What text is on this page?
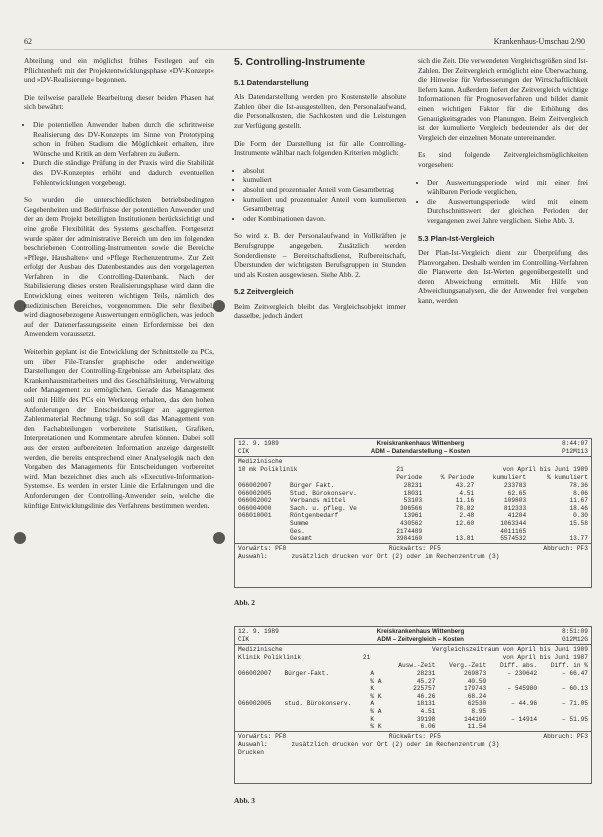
62	Krankenhaus-Umschau 2/90

Abteilung und ein möglichst frühes Festlegen auf ein Pflichtenheft mit der Projektentwicklungsphase »DV-Konzept« und »DV-Realisierung« begonnen.

Die teilweise parallele Bearbeitung dieser beiden Phasen hat sich bewährt:

• Die potentiellen Anwender haben durch die schrittweise Realisierung des DV-Konzepts im Sinne von Prototyping schon in frühen Stadium die Möglichkeit erhalten, ihre Wünsche und Kritik an dem Verfahren zu äußern.
• Durch die ständige Prüfung in der Praxis wird die Stabilität des DV-Konzeptes erhöht und dadurch eventuellen Fehlentwicklungen vorgebeugt.

So wurden die unterschiedlichsten betriebsbedingten Gegebenheiten und Bedürfnisse der potentiellen Anwender und der an dem Projekt beteiligten Institutionen berücksichtigt und eine große Flexibilität des Systems geschaffen. Fortgesetzt wurde später der administrative Bereich um den im folgenden beschriebenen Controlling-Instrumenten sowie die Bereiche »Pflege, Haushalten« und »Pflege Rechenzentrum«. Zur Zeit erfolgt der Ausbau des Datenbestandes aus den vorgelagerten Verfahren in die Controlling-Datenbank. Nach der Stabilisierung dieses ersten Realisierungsphase wird dann die Entwicklung eines weiteren wichtigen Teils, nämlich des medizinischen Bereiches, vorgenommen. Die sehr flexibel, wird diagnosebezogene Auswertungen ermöglichen, was jedoch auf der Datenerfassungsseite einen Erfordernisse bei den Anwendern voraussetzt.

Weiterhin geplant ist die Entwicklung der Schnittstelle zu PCs, um über File-Transfer graphische oder anderweitige Darstellungen der Controlling-Ergebnisse am Arbeitsplatz des Krankenhausmitarbeiters und des Geschäftsleitung, Verwaltung oder Management zu ermöglichen. Gerade das Management soll mit Hilfe des PCs ein Werkzeug erhalten, das den hohen Anforderungen der Entscheidungsträger an aggregierten Zahlenmaterial Rechnung trägt. So soll das Management von den Fachabteilungen vorbereitete Statistiken, Grafiken, Interpretationen und Kommentare abrufen können. Dabei soll aus der ersten aufbereiteten Information anzeige dargestellt werden, die bereits entsprechend einer Analyselogik nach den Vorgaben des Managements für Entscheidungen vorbereitet wird. Man bezeichnet dies auch als »Executive-Information-Systems«. Es werden in erster Linie die Erfahrungen und die Anforderungen der Controlling-Anwender sein, welche die künftige Entwicklungslinie des Verfahrens bestimmen werden.

5. Controlling-Instrumente
5.1 Datendarstellung

Als Datendarstellung werden pro Kostenstelle absolute Zahlen über die Ist-ausgestellten, den Personalaufwand, die Personalkosten, die Sachkosten und die Leistungen zur Verfügung gestellt.

Die Form der Darstellung ist für alle Controlling-Instrumente wählbar nach folgenden Kriterien möglich:

• absolut
• kumuliert
• absolut und prozentualer Anteil vom Gesamtbetrag
• kumuliert und prozentualer Anteil vom kumulierten Gesamtbetrag
• oder Kombinationen davon.

So wird z. B. der Personalaufwand in Vollkräften je Berufsgruppe angegeben. Zusätzlich werden Sonderdienste – Bereitschaftsdienst, Rufbereitschaft, Überstunden der wichtigsten Berufsgruppen in Stunden und als Kosten ausgewiesen. Siehe Abb. 2.

5.2 Zeitvergleich

Beim Zeitvergleich bleibt das Vergleichsobjekt immer dasselbe, jedoch ändert

sich die Zeit. Die verwendeten Vergleichsgrößen sind Ist-Zahlen. Der Zeitvergleich ermöglicht eine Überwachung, die Hinweise für Verbesserungen der Wirtschaftlichkeit liefern kann. Außerdem liefert der Zeitvergleich wichtige Informationen für Prognoseverfahren und bildet damit einen wichtigen Faktor für die Erhöhung des Genauigkeitsgrades von Planungen. Beim Zeitvergleich ist der kumulierte Vergleich bedeutender als der der Vergleich der einzelnen Monate untereinander.

Es sind folgende Zeitvergleichsmöglichkeiten vorgesehen:

• Der Auswertungsperiode wird mit einer frei wählbaren Periode verglichen,
• die Auswertungsperiode wird mit einem Durchschnittswert der gleichen Perioden der vergangenen zwei Jahre verglichen. Siehe Abb. 3.
5.3 Plan-Ist-Vergleich

Der Plan-Ist-Vergleich dient zur Überprüfung des Planvorgaben. Deshalb werden im Controlling-Verfahren die Planwerte den Ist-Werten gegenübergestellt und deren Abweichung ermittelt. Mit Hilfe von Abweichungsanalysen, die der Anwender frei vorgeben kann, werden

12. 9. 1989
CIK
Kreiskrankenhaus Wittenberg
ADM – Datendarstellung – Kosten
8:44:07
P12M113
Medizinische
10 mk Poliklinik	21	von April bis Juni 1989
		Periode	% Periode	kumuliert	% kumuliert
066002007	Bürger Fakt.	28231	43.27	233783	78.36
066002005	Stud. Bürokonserv.	18031	4.51	62.65	8.06
066002002	Verbands mittel	53103	11.16	109803	11.67
066004000	Sach. u. pfleg. Ve	306566	78.82	812333	18.46
066010001	Röntgenbedarf	13961	2.48	41204	0.30
	Summe	430562	12.60	1063344	15.58
	Ges.	2174409		4011165	
	Gesamt	3904160	13.81	5574532	13.77
Vorwärts: PF8	Rückwärts: PF5	Abbruch: PF3
Auswahl:	zusätzlich drucken vor Ort (2) oder im Rechenzentrum (3)
Abb. 2
12. 9. 1989
CIK
Kreiskrankenhaus Wittenberg
ADM – Zeitvergleich – Kosten
8:51:09
G12M12G
Medizinische
Klinik Poliklinik	21
Vergleichszeitraum von April bis Juni 1989
von April bis Juni 1987
			Ausw.-Zeit	Verg.-Zeit	Diff. abs.	Diff. in %
066002007	Bürger-Fakt.	A	28231	269873	– 230642	– 66.47
		% A	45.27	40.59		
		K	225757	179743	– 545980	– 60.13
		% K	46.26	68.24		
066002005	stud. Bürokonserv.	A	18131	62530	– 44.96	– 71.05
		% A	4.51	8.95		
		K	39198	144109	– 14914	– 51.95
		% K	6.06	11.54		
Vorwärts: PF8	Rückwärts: PF5	Abbruch: PF3
Auswahl:	zusätzlich drucken vor Ort (2) oder im Rechenzentrum (3)
Drucken
Abb. 3
